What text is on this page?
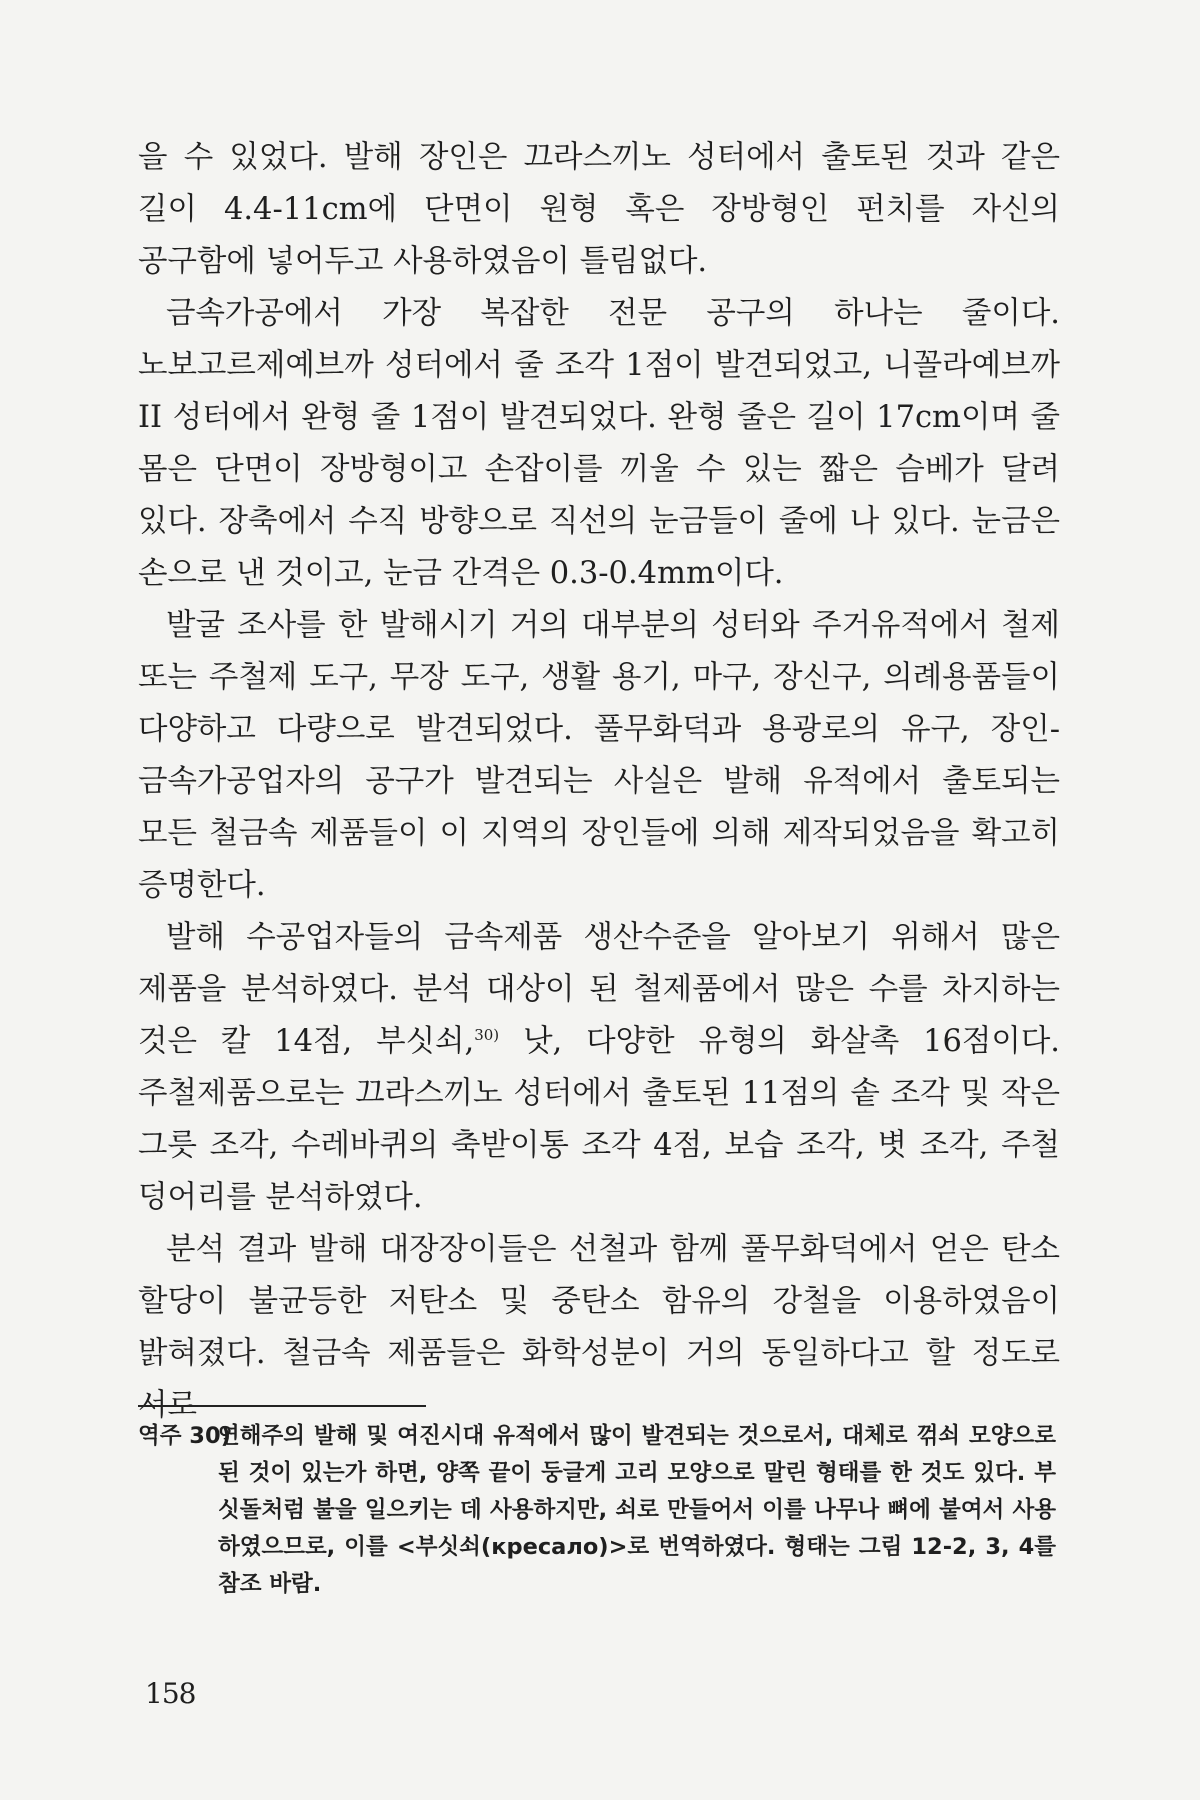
을 수 있었다. 발해 장인은 끄라스끼노 성터에서 출토된 것과 같은 길이 4.4-11cm에 단면이 원형 혹은 장방형인 펀치를 자신의 공구함에 넣어두고 사용하였음이 틀림없다.

금속가공에서 가장 복잡한 전문 공구의 하나는 줄이다. 노보고르제예브까 성터에서 줄 조각 1점이 발견되었고, 니꼴라예브까 II 성터에서 완형 줄 1점이 발견되었다. 완형 줄은 길이 17cm이며 줄 몸은 단면이 장방형이고 손잡이를 끼울 수 있는 짧은 슴베가 달려 있다. 장축에서 수직 방향으로 직선의 눈금들이 줄에 나 있다. 눈금은 손으로 낸 것이고, 눈금 간격은 0.3-0.4mm이다.

발굴 조사를 한 발해시기 거의 대부분의 성터와 주거유적에서 철제 또는 주철제 도구, 무장 도구, 생활 용기, 마구, 장신구, 의례용품들이 다양하고 다량으로 발견되었다. 풀무화덕과 용광로의 유구, 장인-금속가공업자의 공구가 발견되는 사실은 발해 유적에서 출토되는 모든 철금속 제품들이 이 지역의 장인들에 의해 제작되었음을 확고히 증명한다.

발해 수공업자들의 금속제품 생산수준을 알아보기 위해서 많은 제품을 분석하였다. 분석 대상이 된 철제품에서 많은 수를 차지하는 것은 칼 14점, 부싯쇠,$^{30)}$ 낫, 다양한 유형의 화살촉 16점이다. 주철제품으로는 끄라스끼노 성터에서 출토된 11점의 솥 조각 및 작은 그릇 조각, 수레바퀴의 축받이통 조각 4점, 보습 조각, 볏 조각, 주철 덩어리를 분석하였다.

분석 결과 발해 대장장이들은 선철과 함께 풀무화덕에서 얻은 탄소 할당이 불균등한 저탄소 및 중탄소 함유의 강철을 이용하였음이 밝혀졌다. 철금속 제품들은 화학성분이 거의 동일하다고 할 정도로 서로

역주 30)
연해주의 발해 및 여진시대 유적에서 많이 발견되는 것으로서, 대체로 꺾쇠 모양으로 된 것이 있는가 하면, 양쪽 끝이 둥글게 고리 모양으로 말린 형태를 한 것도 있다. 부싯돌처럼 불을 일으키는 데 사용하지만, 쇠로 만들어서 이를 나무나 뼈에 붙여서 사용하였으므로, 이를 <부싯쇠(кресало)>로 번역하였다. 형태는 그림 12-2, 3, 4를 참조 바람.
158
